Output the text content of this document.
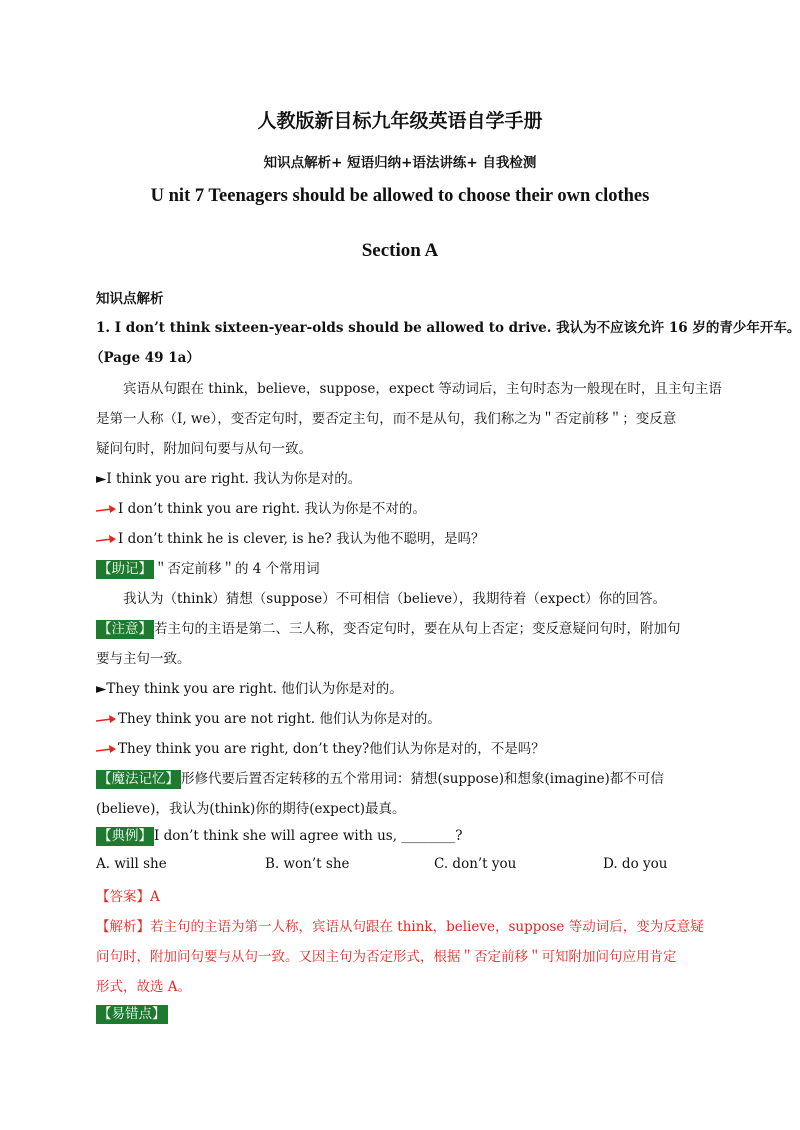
人教版新目标九年级英语自学手册
知识点解析+ 短语归纳+语法讲练+ 自我检测
U nit 7 Teenagers should be allowed to choose their own clothes
Section A
知识点解析
1. I don’t think sixteen-year-olds should be allowed to drive. 我认为不应该允许 16 岁的青少年开车。
（Page 49 1a）
宾语从句跟在 think，believe，suppose，expect 等动词后，主句时态为一般现在时，且主句主语
是第一人称（I, we），变否定句时，要否定主句，而不是从句，我们称之为＂否定前移＂；变反意
疑问句时，附加问句要与从句一致。
►I think you are right. 我认为你是对的。
I don’t think you are right. 我认为你是不对的。
I don’t think he is clever, is he? 我认为他不聪明，是吗？
【助记】 ＂否定前移＂的 4 个常用词
我认为（think）猜想（suppose）不可相信（believe），我期待着（expect）你的回答。
【注意】 若主句的主语是第二、三人称，变否定句时，要在从句上否定；变反意疑问句时，附加句
要与主句一致。
►They think you are right. 他们认为你是对的。
They think you are not right. 他们认为你是对的。
They think you are right, don’t they?他们认为你是对的，不是吗？
【魔法记忆】 形修代要后置否定转移的五个常用词：猜想(suppose)和想象(imagine)都不可信
(believe)，我认为(think)你的期待(expect)最真。
【典例】 I don’t think she will agree with us, ________?
A. will she	B. won’t she	C. don’t you	D. do you
【答案】A
【解析】若主句的主语为第一人称，宾语从句跟在 think，believe，suppose 等动词后，变为反意疑
问句时，附加问句要与从句一致。又因主句为否定形式，根据＂否定前移＂可知附加问句应用肯定
形式，故选 A。
【易错点】
